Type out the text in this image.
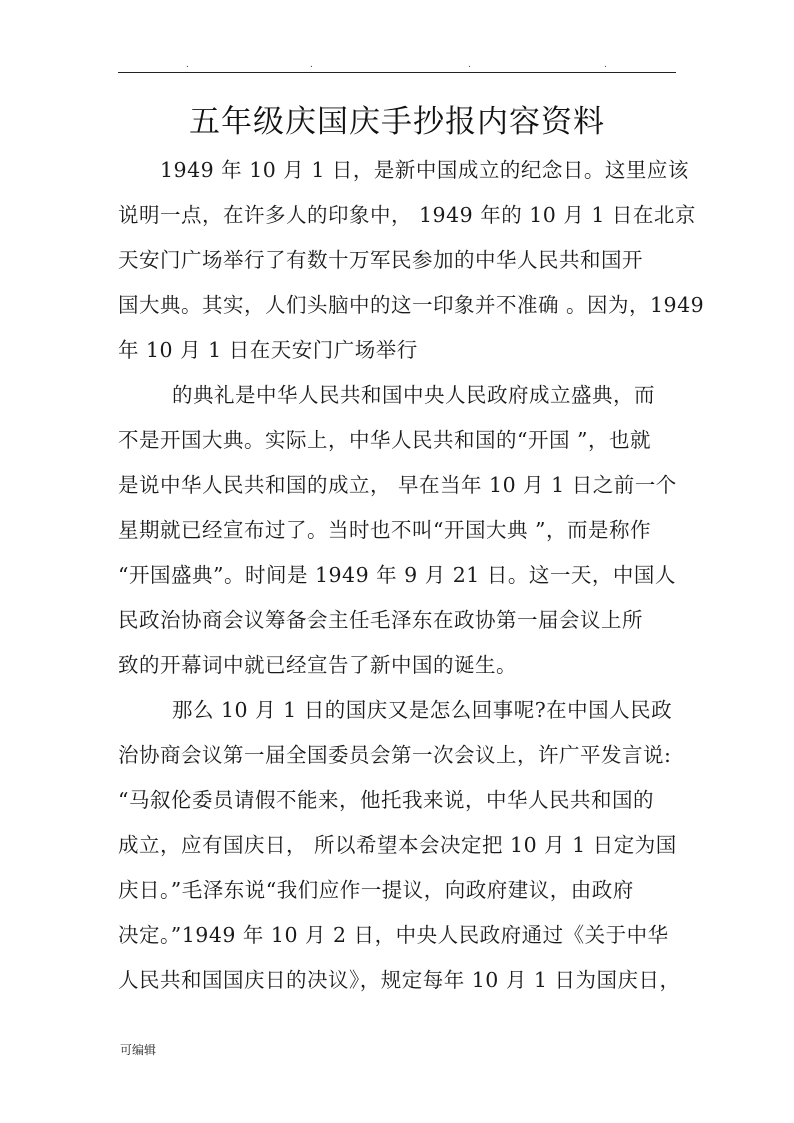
.	.	.	.
五年级庆国庆手抄报内容资料

1949 年 10 月 1 日，是新中国成立的纪念日。这里应该

说明一点，在许多人的印象中， 1949 年的 10 月 1 日在北京

天安门广场举行了有数十万军民参加的中华人民共和国开

国大典。其实，人们头脑中的这一印象并不准确 。因为，1949

年 10 月 1 日在天安门广场举行

的典礼是中华人民共和国中央人民政府成立盛典，而

不是开国大典。实际上，中华人民共和国的“开国 ”，也就

是说中华人民共和国的成立， 早在当年 10 月 1 日之前一个

星期就已经宣布过了。当时也不叫“开国大典 ”，而是称作

“开国盛典”。时间是 1949 年 9 月 21 日。这一天，中国人

民政治协商会议筹备会主任毛泽东在政协第一届会议上所

致的开幕词中就已经宣告了新中国的诞生。

那么 10 月 1 日的国庆又是怎么回事呢?在中国人民政

治协商会议第一届全国委员会第一次会议上，许广平发言说:

“马叙伦委员请假不能来，他托我来说，中华人民共和国的

成立，应有国庆日， 所以希望本会决定把 10 月 1 日定为国

庆日。”毛泽东说“我们应作一提议，向政府建议，由政府

决定。”1949 年 10 月 2 日，中央人民政府通过《关于中华

人民共和国国庆日的决议》，规定每年 10 月 1 日为国庆日，

可编辑
